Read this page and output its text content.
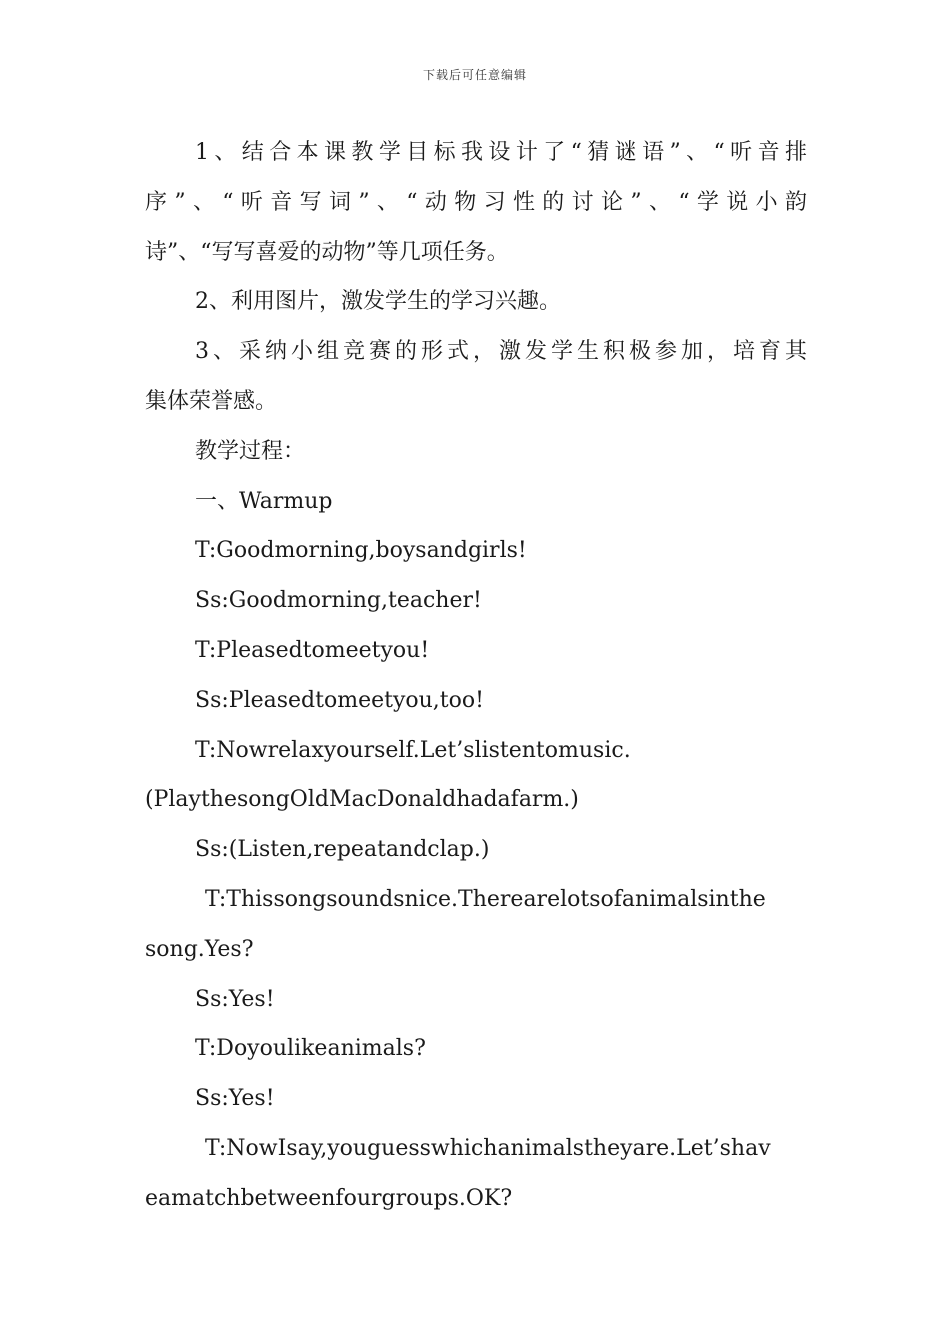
下载后可任意编辑
1、结合本课教学目标我设计了“猜谜语”、“听音排
序”、“听音写词”、“动物习性的讨论”、“学说小韵
诗”、“写写喜爱的动物”等几项任务。
2、利用图片，激发学生的学习兴趣。
3、采纳小组竞赛的形式，激发学生积极参加，培育其
集体荣誉感。
教学过程：
一、Warmup
T:Goodmorning,boysandgirls!
Ss:Goodmorning,teacher!
T:Pleasedtomeetyou!
Ss:Pleasedtomeetyou,too!
T:Nowrelaxyourself.Let’slistentomusic.
(PlaythesongOldMacDonaldhadafarm.)
Ss:(Listen,repeatandclap.)
T:Thissongsoundsnice.Therearelotsofanimalsinthe
song.Yes?
Ss:Yes!
T:Doyoulikeanimals?
Ss:Yes!
T:NowIsay,youguesswhichanimalstheyare.Let’shav
eamatchbetweenfourgroups.OK?
